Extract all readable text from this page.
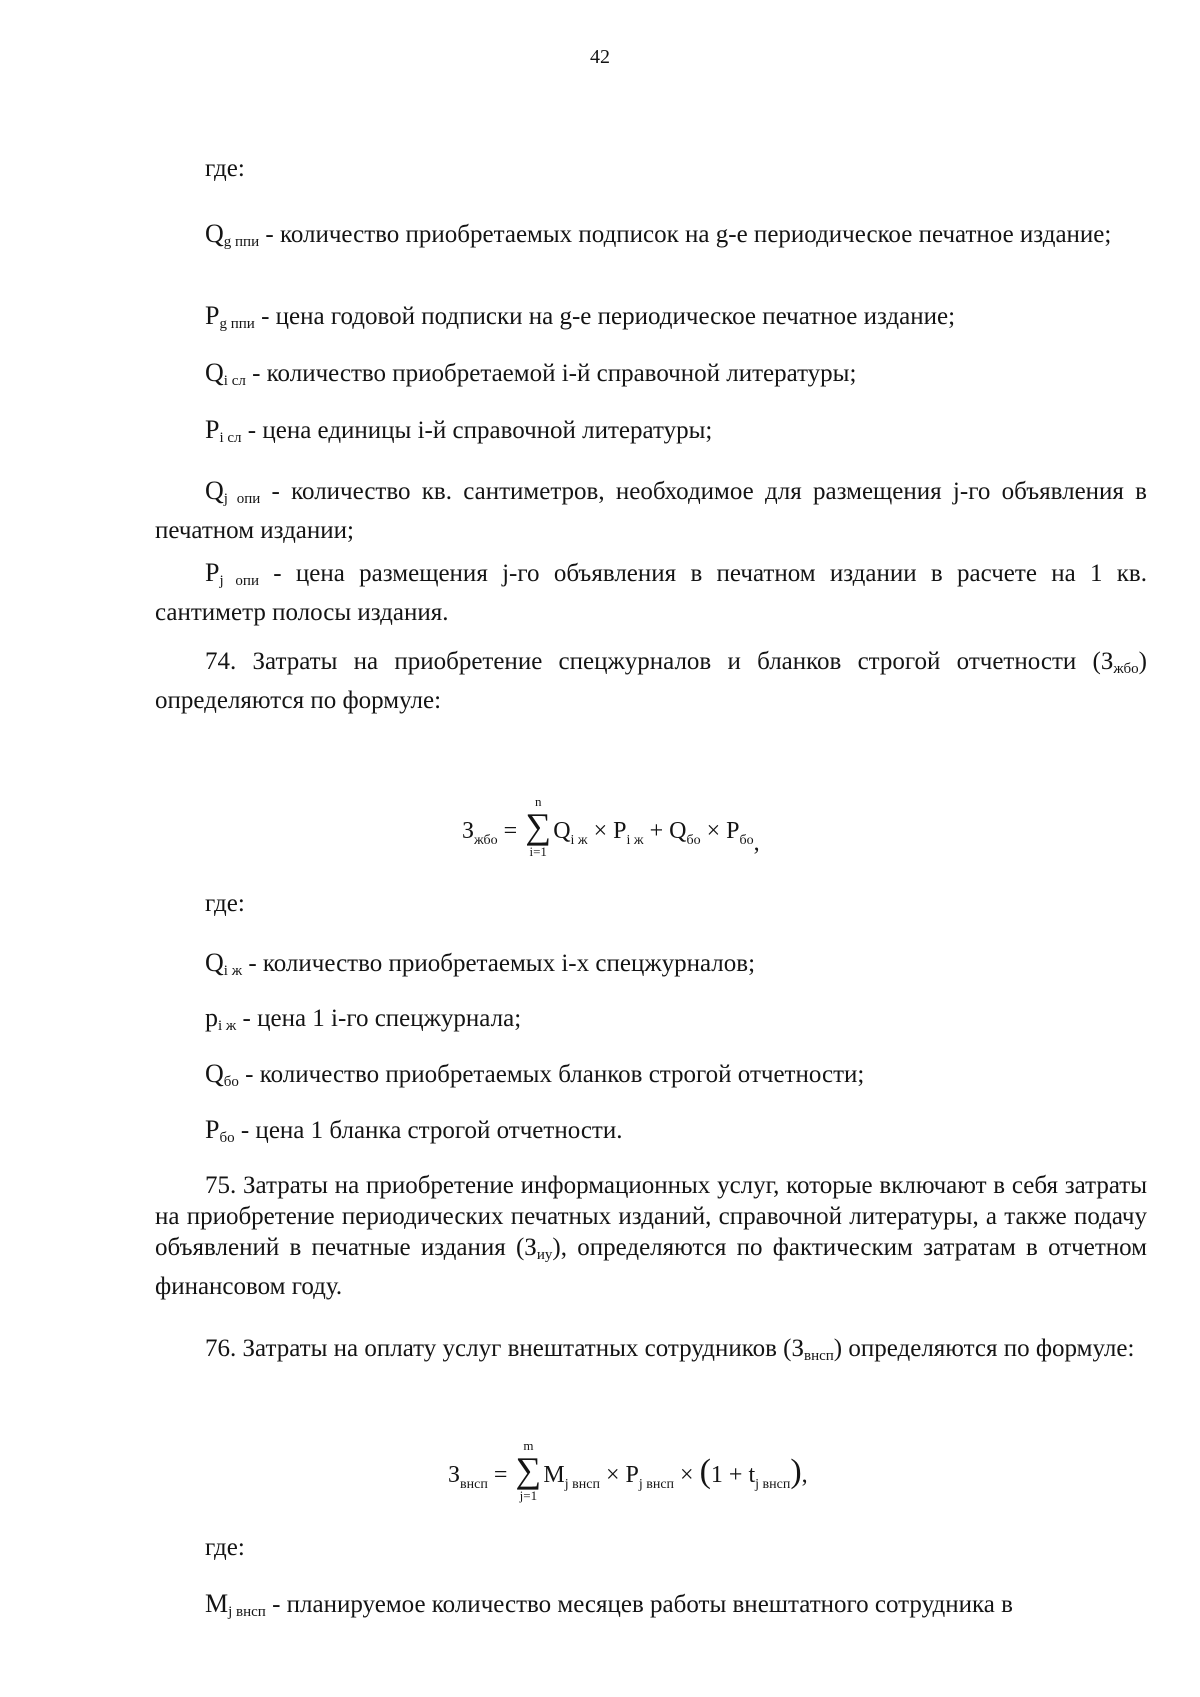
42
где:
$Q_{g ппи}$ - количество приобретаемых подписок на g-е периодическое печатное издание;
$P_{g ппи}$ - цена годовой подписки на g-е периодическое печатное издание;
$Q_{i сл}$ - количество приобретаемой i-й справочной литературы;
$P_{i сл}$ - цена единицы i-й справочной литературы;
$Q_{j опи}$ - количество кв. сантиметров, необходимое для размещения j-го объявления в печатном издании;
$P_{j опи}$ - цена размещения j-го объявления в печатном издании в расчете на 1 кв. сантиметр полосы издания.
74. Затраты на приобретение спецжурналов и бланков строгой отчетности $(З_{жбо})$ определяются по формуле:
$З_{жбо}$ = ∑
n
i=1
$Q_{i ж} \times P_{i ж} + Q_{бо} \times P_{бо}$,
где:
$Q_{i ж}$ - количество приобретаемых i-х спецжурналов;
$p_{i ж}$ - цена 1 i-го спецжурнала;
$Q_{бо}$ - количество приобретаемых бланков строгой отчетности;
$P_{бо}$ - цена 1 бланка строгой отчетности.
75. Затраты на приобретение информационных услуг, которые включают в себя затраты на приобретение периодических печатных изданий, справочной литературы, а также подачу объявлений в печатные издания $(З_{иу})$, определяются по фактическим затратам в отчетном финансовом году.
76. Затраты на оплату услуг внештатных сотрудников $(З_{внсп})$ определяются по формуле:
$З_{внсп}$ = ∑
m
j=1
$M_{j внсп} \times P_{j внсп} \times (1 + t_{j внсп})$,
где:
$M_{j внсп}$ - планируемое количество месяцев работы внештатного сотрудника в
